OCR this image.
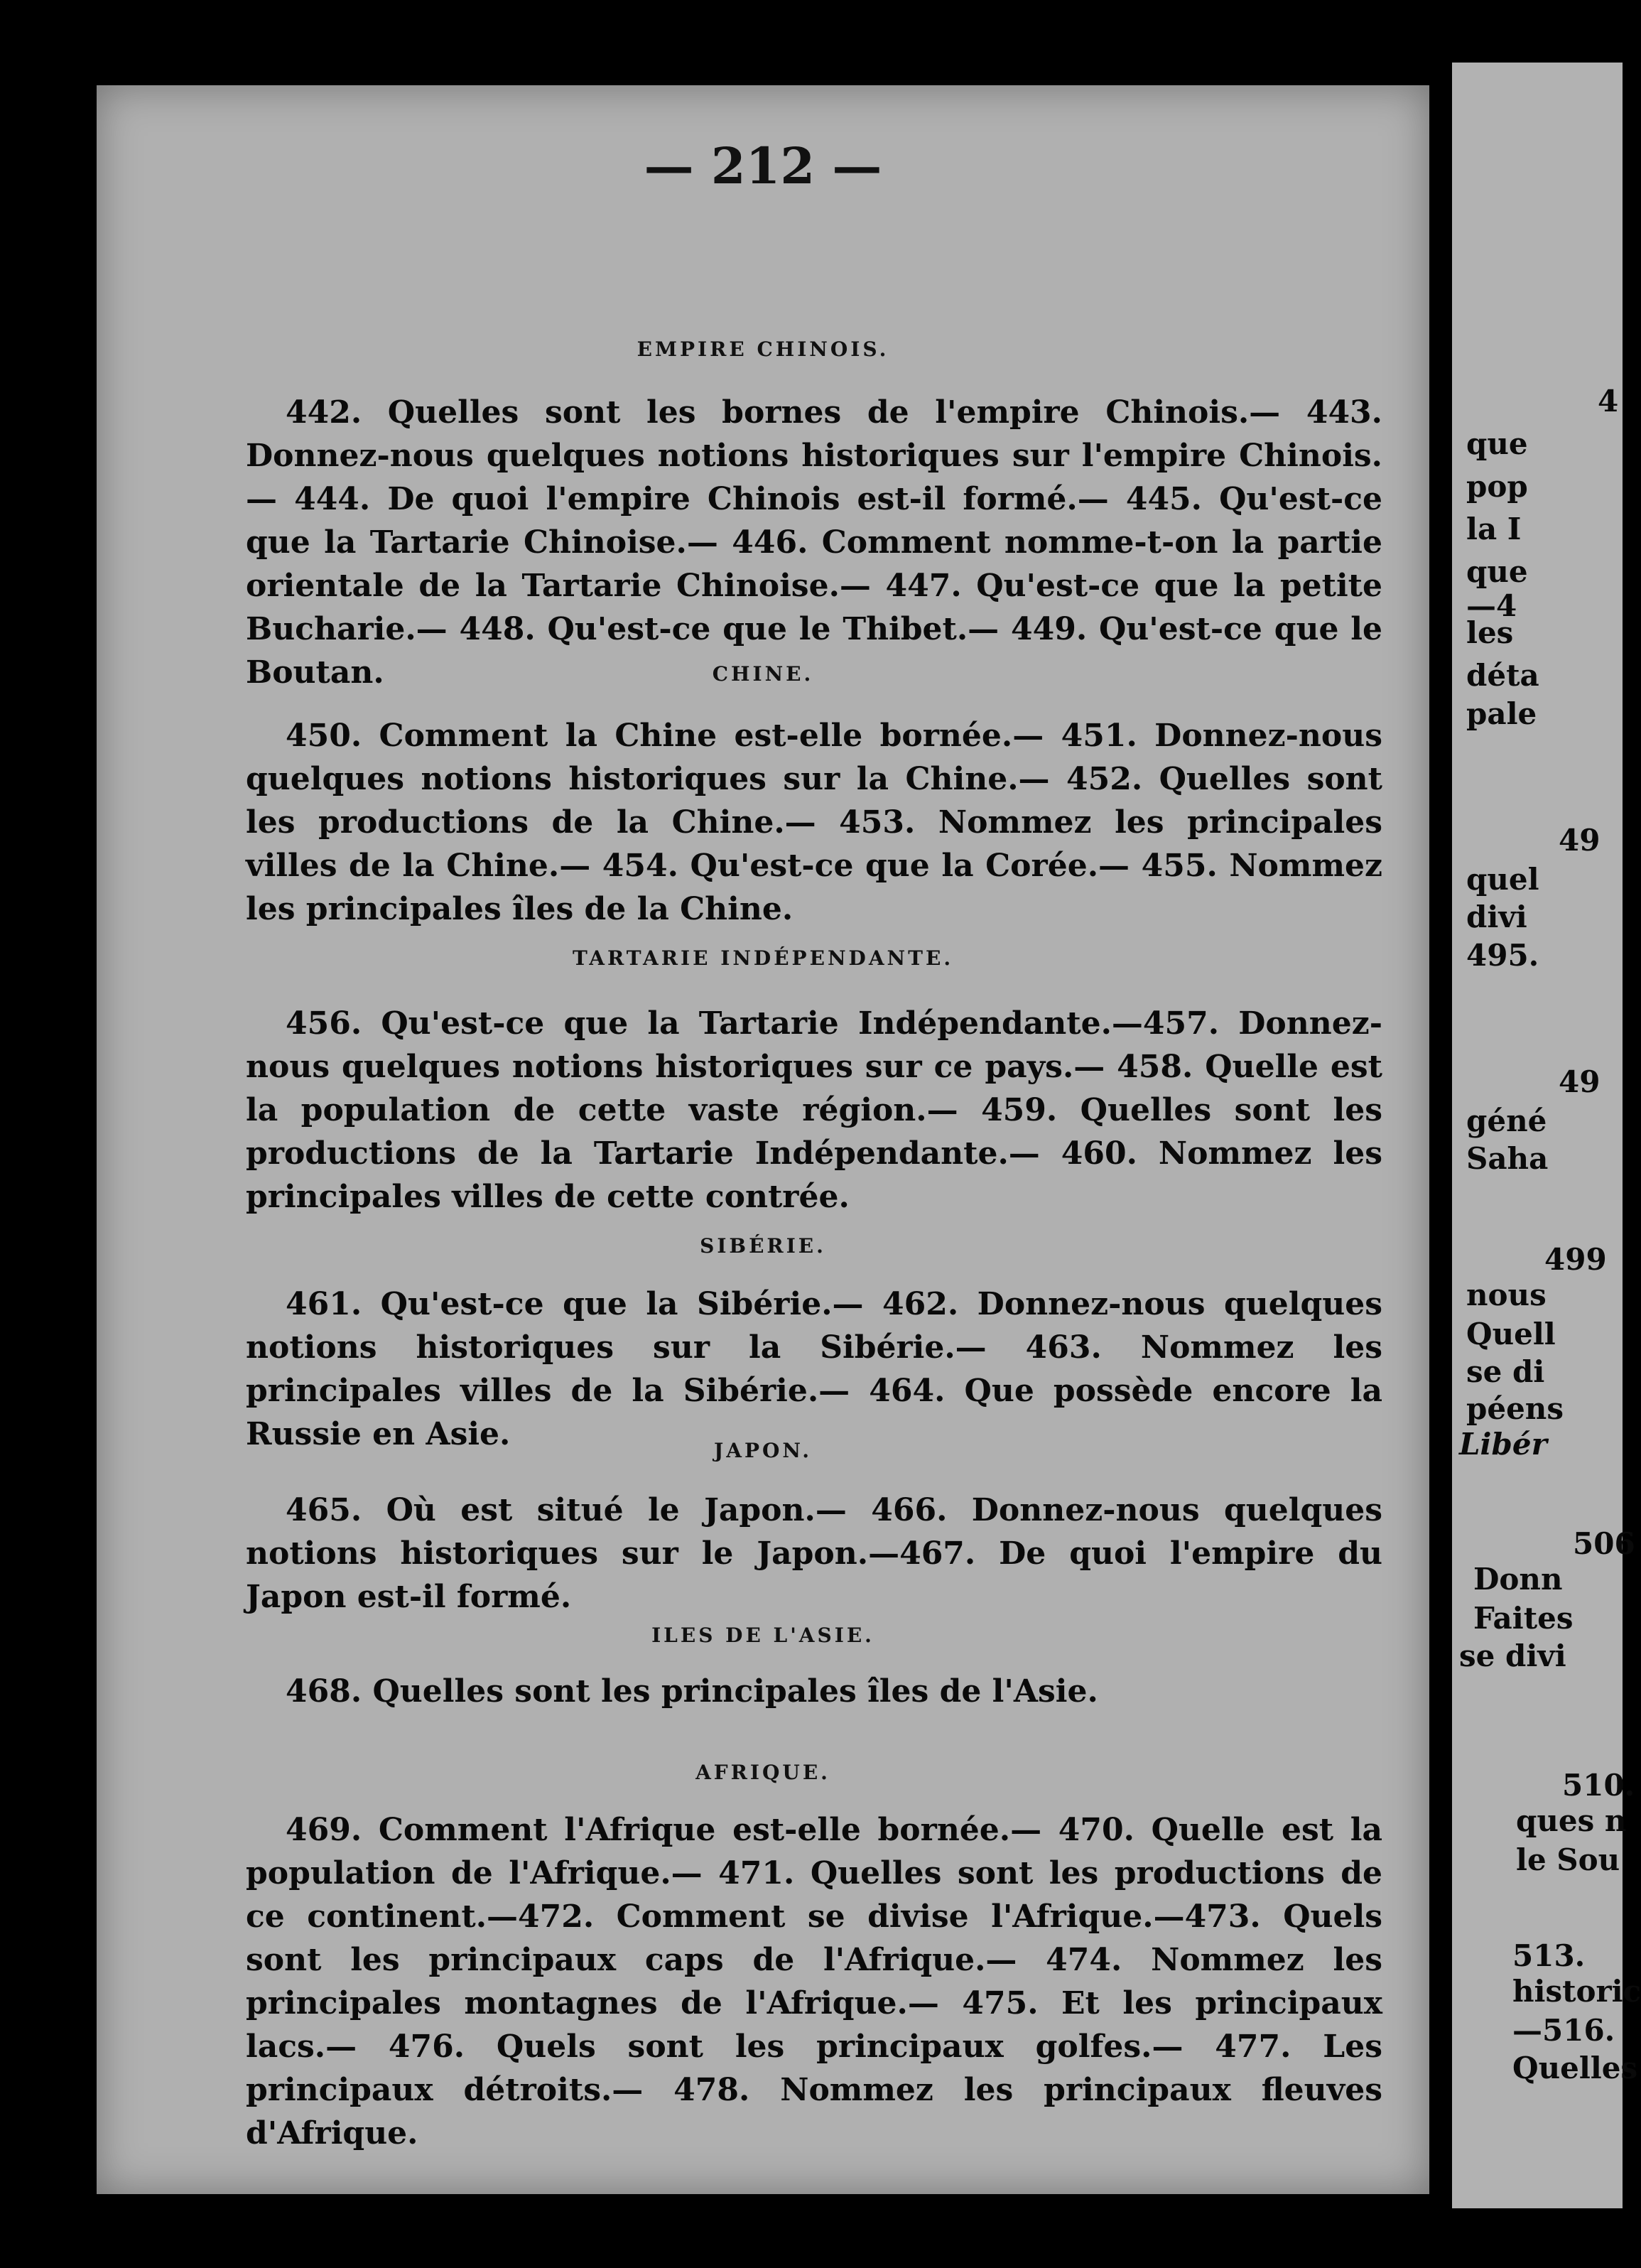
— 212 —
EMPIRE CHINOIS.
442. Quelles sont les bornes de l'empire Chinois.— 443. Donnez-nous quelques notions historiques sur l'empire Chinois.— 444. De quoi l'empire Chinois est-il formé.— 445. Qu'est-ce que la Tartarie Chinoise.— 446. Comment nomme-t-on la partie orientale de la Tartarie Chinoise.— 447. Qu'est-ce que la petite Bucharie.— 448. Qu'est-ce que le Thibet.— 449. Qu'est-ce que le Boutan.	CHINE.
450. Comment la Chine est-elle bornée.— 451. Donnez-nous quelques notions historiques sur la Chine.— 452. Quelles sont les productions de la Chine.— 453. Nommez les principales villes de la Chine.— 454. Qu'est-ce que la Corée.— 455. Nommez les principales îles de la Chine.
TARTARIE INDÉPENDANTE.
456. Qu'est-ce que la Tartarie Indépendante.—457. Donnez-nous quelques notions historiques sur ce pays.— 458. Quelle est la population de cette vaste région.— 459. Quelles sont les productions de la Tartarie Indépendante.— 460. Nommez les principales villes de cette contrée.
SIBÉRIE.
461. Qu'est-ce que la Sibérie.— 462. Donnez-nous quelques notions historiques sur la Sibérie.— 463. Nommez les principales villes de la Sibérie.— 464. Que possède encore la Russie en Asie.	JAPON.
465. Où est situé le Japon.— 466. Donnez-nous quelques notions historiques sur le Japon.—467. De quoi l'empire du Japon est-il formé.
ILES DE L'ASIE.
468. Quelles sont les principales îles de l'Asie.
AFRIQUE.
469. Comment l'Afrique est-elle bornée.— 470. Quelle est la population de l'Afrique.— 471. Quelles sont les productions de ce continent.—472. Comment se divise l'Afrique.—473. Quels sont les principaux caps de l'Afrique.— 474. Nommez les principales montagnes de l'Afrique.— 475. Et les principaux lacs.— 476. Quels sont les principaux golfes.— 477. Les principaux détroits.— 478. Nommez les principaux fleuves d'Afrique.
4
que
pop
la I
que
—4
les
déta
pale
49
quel
divi
495.
49
géné
Saha
499
nous
Quell
se di
péens
Libér
506
Donn
Faites
se divi
510.
ques n
le Sou
513.
historic
—516.
Quelles
